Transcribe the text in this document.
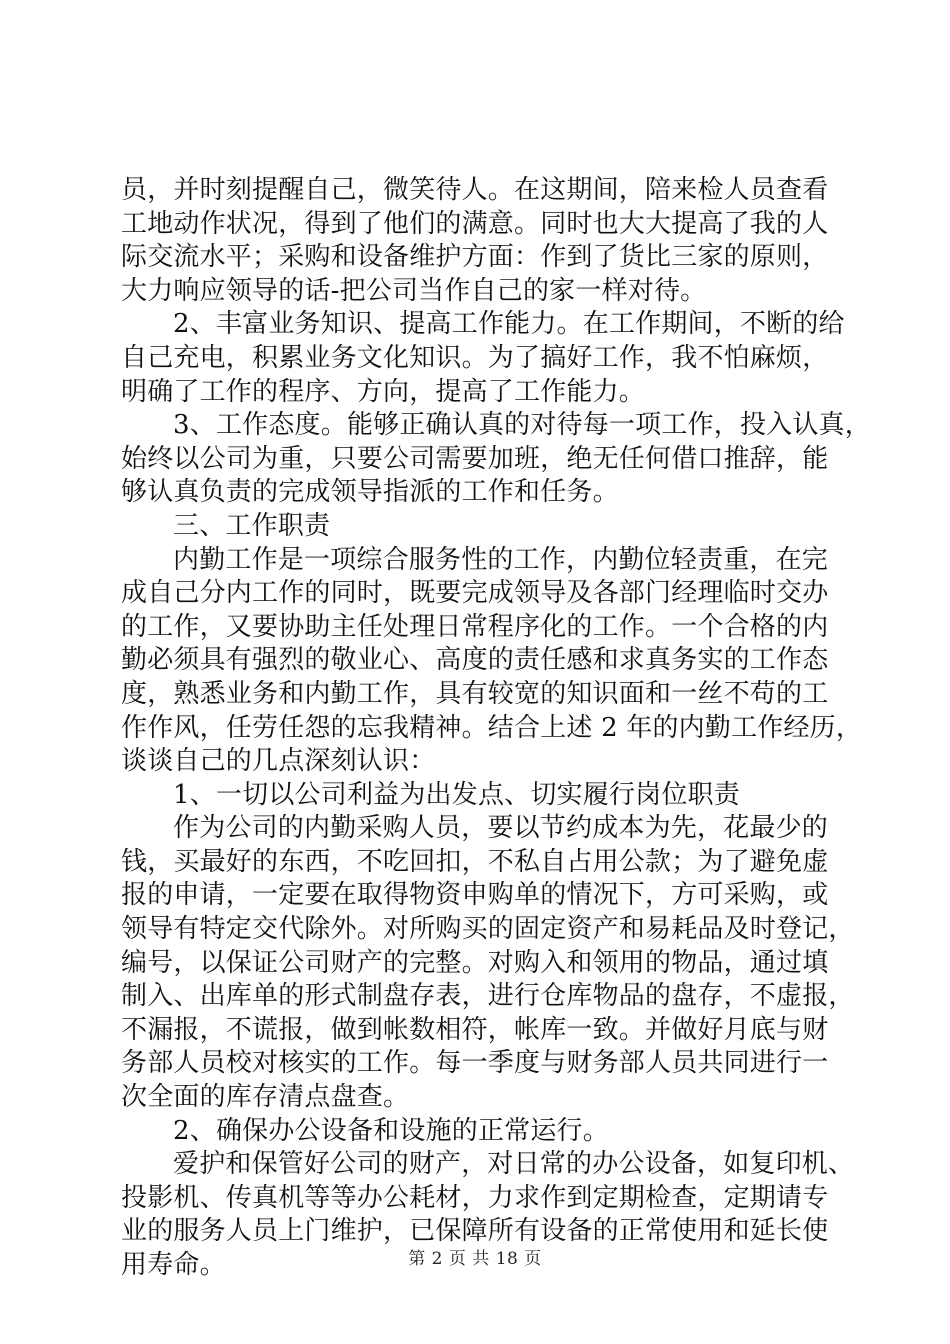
员，并时刻提醒自己，微笑待人。在这期间，陪来检人员查看
工地动作状况，得到了他们的满意。同时也大大提高了我的人
际交流水平；采购和设备维护方面：作到了货比三家的原则，
大力响应领导的话-把公司当作自己的家一样对待。
2、丰富业务知识、提高工作能力。在工作期间，不断的给
自己充电，积累业务文化知识。为了搞好工作，我不怕麻烦，
明确了工作的程序、方向，提高了工作能力。
3、工作态度。能够正确认真的对待每一项工作，投入认真，
始终以公司为重，只要公司需要加班，绝无任何借口推辞，能
够认真负责的完成领导指派的工作和任务。
三、工作职责
内勤工作是一项综合服务性的工作，内勤位轻责重，在完
成自己分内工作的同时，既要完成领导及各部门经理临时交办
的工作，又要协助主任处理日常程序化的工作。一个合格的内
勤必须具有强烈的敬业心、高度的责任感和求真务实的工作态
度，熟悉业务和内勤工作，具有较宽的知识面和一丝不苟的工
作作风，任劳任怨的忘我精神。结合上述 2 年的内勤工作经历，
谈谈自己的几点深刻认识：
1、一切以公司利益为出发点、切实履行岗位职责
作为公司的内勤采购人员，要以节约成本为先，花最少的
钱，买最好的东西，不吃回扣，不私自占用公款；为了避免虚
报的申请，一定要在取得物资申购单的情况下，方可采购，或
领导有特定交代除外。对所购买的固定资产和易耗品及时登记，
编号，以保证公司财产的完整。对购入和领用的物品，通过填
制入、出库单的形式制盘存表，进行仓库物品的盘存，不虚报，
不漏报，不谎报，做到帐数相符，帐库一致。并做好月底与财
务部人员校对核实的工作。每一季度与财务部人员共同进行一
次全面的库存清点盘查。
2、确保办公设备和设施的正常运行。
爱护和保管好公司的财产，对日常的办公设备，如复印机、
投影机、传真机等等办公耗材，力求作到定期检查，定期请专
业的服务人员上门维护，已保障所有设备的正常使用和延长使
用寿命。	第 2 页 共 18 页
